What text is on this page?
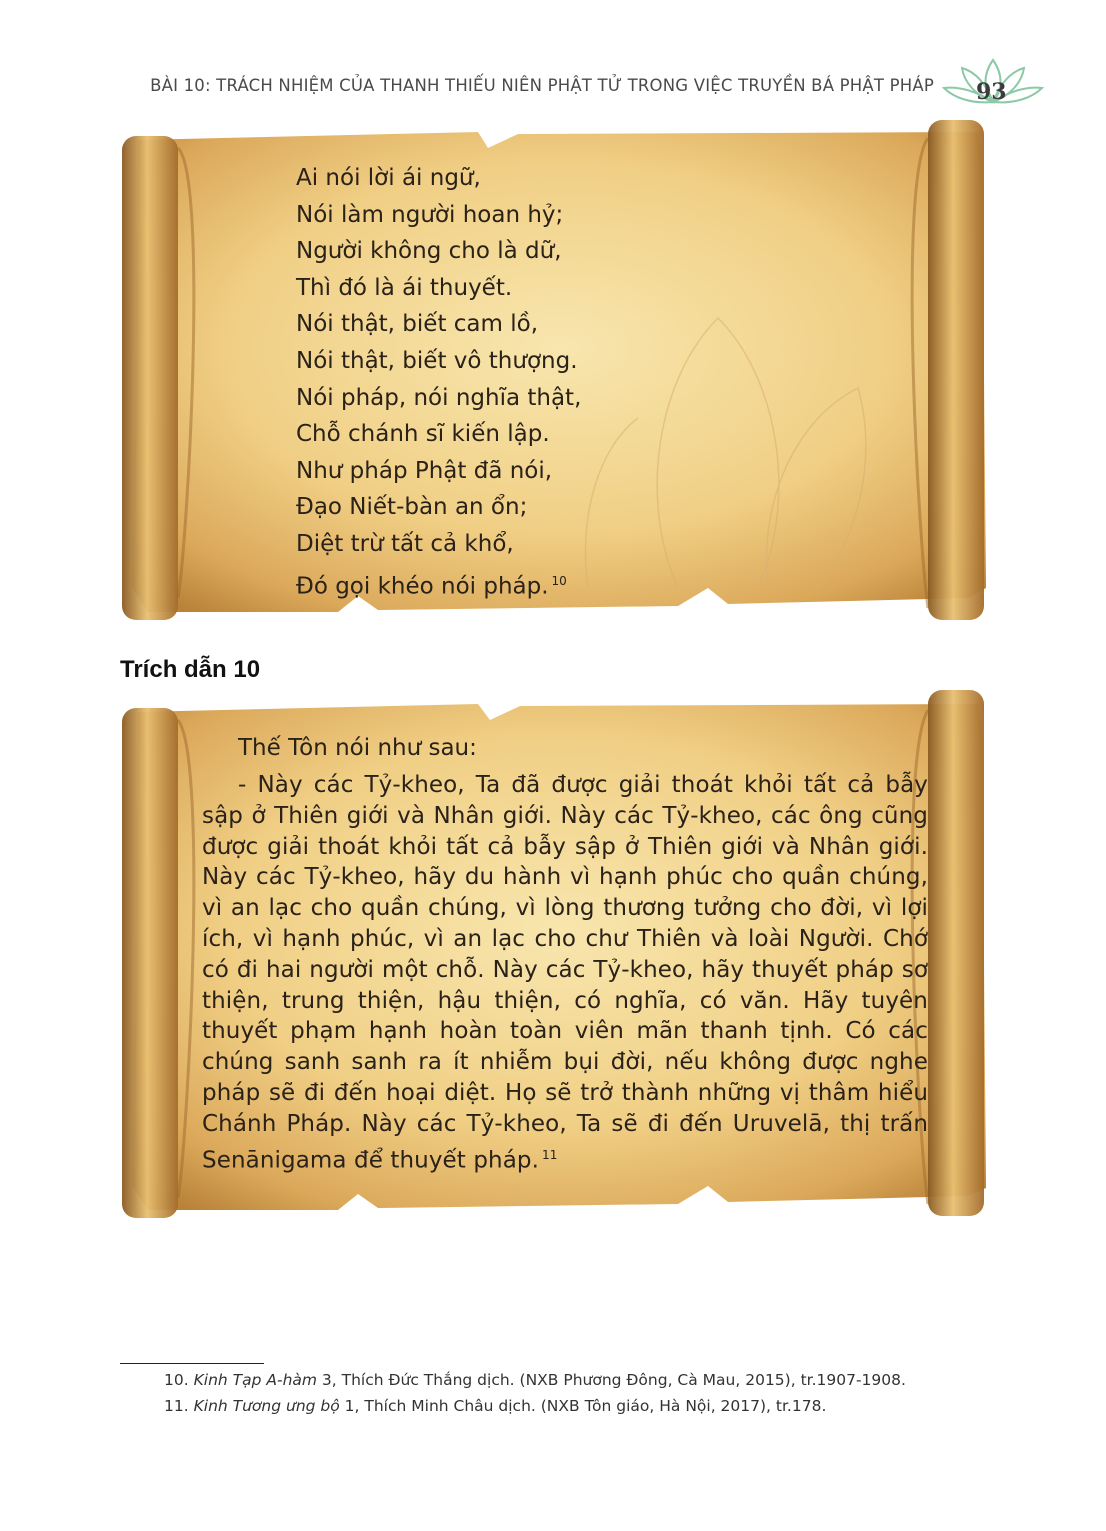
BÀI 10: TRÁCH NHIỆM CỦA THANH THIẾU NIÊN PHẬT TỬ TRONG VIỆC TRUYỀN BÁ PHẬT PHÁP 93
Ai nói lời ái ngữ,
Nói làm người hoan hỷ;
Người không cho là dữ,
Thì đó là ái thuyết.
Nói thật, biết cam lồ,
Nói thật, biết vô thượng.
Nói pháp, nói nghĩa thật,
Chỗ chánh sĩ kiến lập.
Như pháp Phật đã nói,
Đạo Niết-bàn an ổn;
Diệt trừ tất cả khổ,
Đó gọi khéo nói pháp. $^{10}$
Trích dẫn 10
Thế Tôn nói như sau:

- Này các Tỷ-kheo, Ta đã được giải thoát khỏi tất cả bẫy sập ở Thiên giới và Nhân giới. Này các Tỷ-kheo, các ông cũng được giải thoát khỏi tất cả bẫy sập ở Thiên giới và Nhân giới. Này các Tỷ-kheo, hãy du hành vì hạnh phúc cho quần chúng, vì an lạc cho quần chúng, vì lòng thương tưởng cho đời, vì lợi ích, vì hạnh phúc, vì an lạc cho chư Thiên và loài Người. Chớ có đi hai người một chỗ. Này các Tỷ-kheo, hãy thuyết pháp sơ thiện, trung thiện, hậu thiện, có nghĩa, có văn. Hãy tuyên thuyết phạm hạnh hoàn toàn viên mãn thanh tịnh. Có các chúng sanh sanh ra ít nhiễm bụi đời, nếu không được nghe pháp sẽ đi đến hoại diệt. Họ sẽ trở thành những vị thâm hiểu Chánh Pháp. Này các Tỷ-kheo, Ta sẽ đi đến Uruvelā, thị trấn Senānigama để thuyết pháp. $^{11}$

10. Kinh Tạp A-hàm 3, Thích Đức Thắng dịch. (NXB Phương Đông, Cà Mau, 2015), tr.1907-1908.

11. Kinh Tương ưng bộ 1, Thích Minh Châu dịch. (NXB Tôn giáo, Hà Nội, 2017), tr.178.
